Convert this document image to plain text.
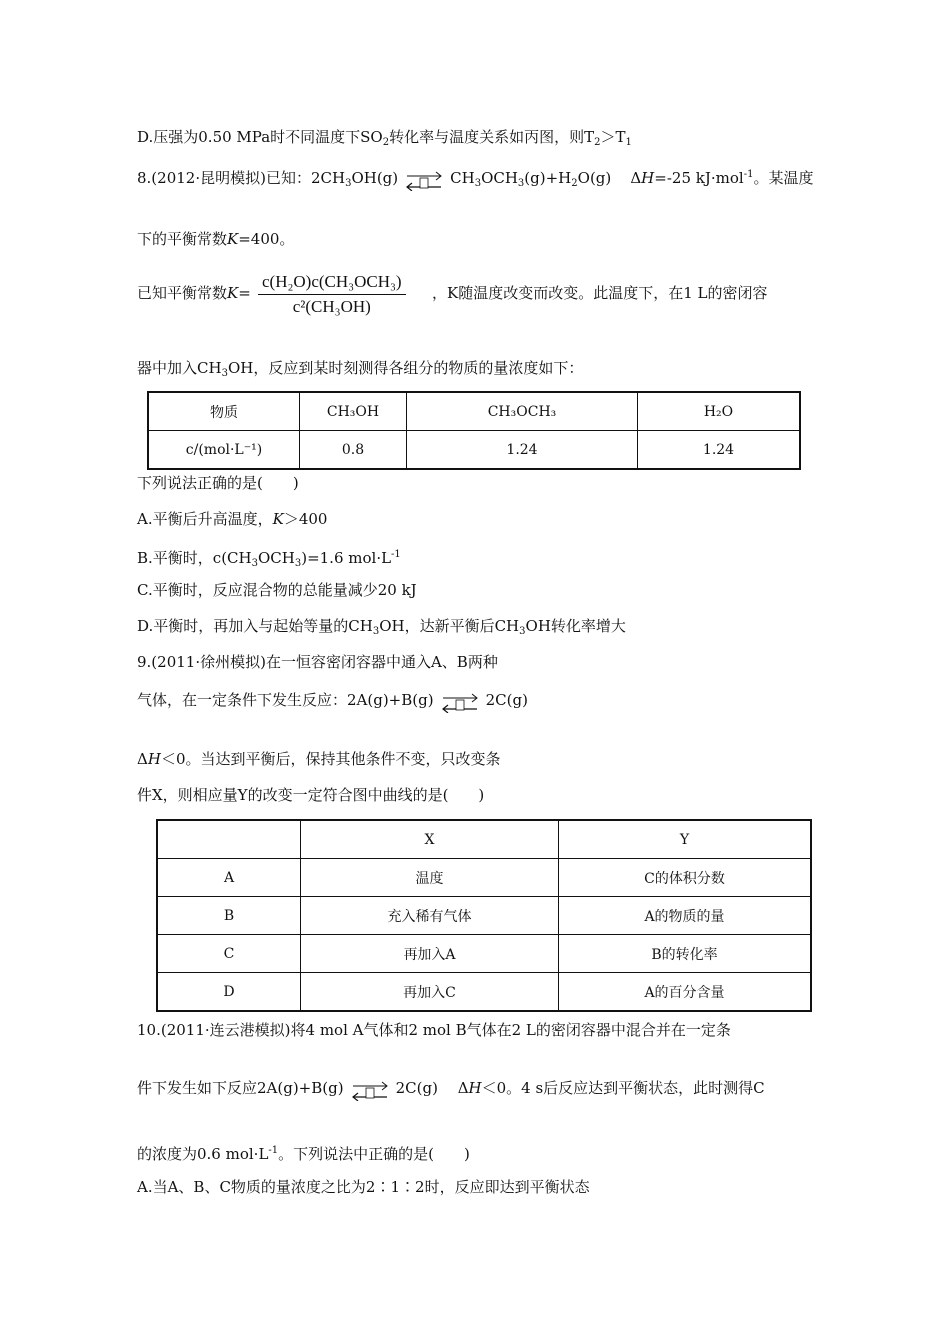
D.压强为0.50 MPa时不同温度下$SO_2$转化率与温度关系如丙图，则$T_2>T_1$
8.(2012·昆明模拟)已知：$2CH_3OH(g)$ ⇌ $CH_3OCH_3(g)+H_2O(g)$ ΔH=-25 kJ·mol$^{-1}$。某温度
下的平衡常数K=400。
已知平衡常数K=
c(H₂O)c(CH₃OCH₃)
c²(CH₃OH)
，K随温度改变而改变。此温度下，在1 L的密闭容
器中加入$CH_3OH$，反应到某时刻测得各组分的物质的量浓度如下：
物质	CH₃OH	CH₃OCH₃	H₂O
c/(mol·L⁻¹)	0.8	1.24	1.24
下列说法正确的是(　　)
A.平衡后升高温度，K＞400
B.平衡时，$c(CH_3OCH_3)=1.6$ $mol\cdot L^{-1}$
C.平衡时，反应混合物的总能量减少20 kJ
D.平衡时，再加入与起始等量的$CH_3OH$，达新平衡后$CH_3OH$转化率增大
9.(2011·徐州模拟)在一恒容密闭容器中通入A、B两种
气体，在一定条件下发生反应：2A(g)+B(g) ⇌ 2C(g)
ΔH＜0。当达到平衡后，保持其他条件不变，只改变条
件X，则相应量Y的改变一定符合图中曲线的是(　　)
	X	Y
A	温度	C的体积分数
B	充入稀有气体	A的物质的量
C	再加入A	B的转化率
D	再加入C	A的百分含量
10.(2011·连云港模拟)将4 mol A气体和2 mol B气体在2 L的密闭容器中混合并在一定条
件下发生如下反应2A(g)+B(g) ⇌ 2C(g)　 ΔH＜0。4 s后反应达到平衡状态，此时测得C
的浓度为0.6 $mol\cdot L^{-1}$。下列说法中正确的是(　　)
A.当A、B、C物质的量浓度之比为2∶1∶2时，反应即达到平衡状态
